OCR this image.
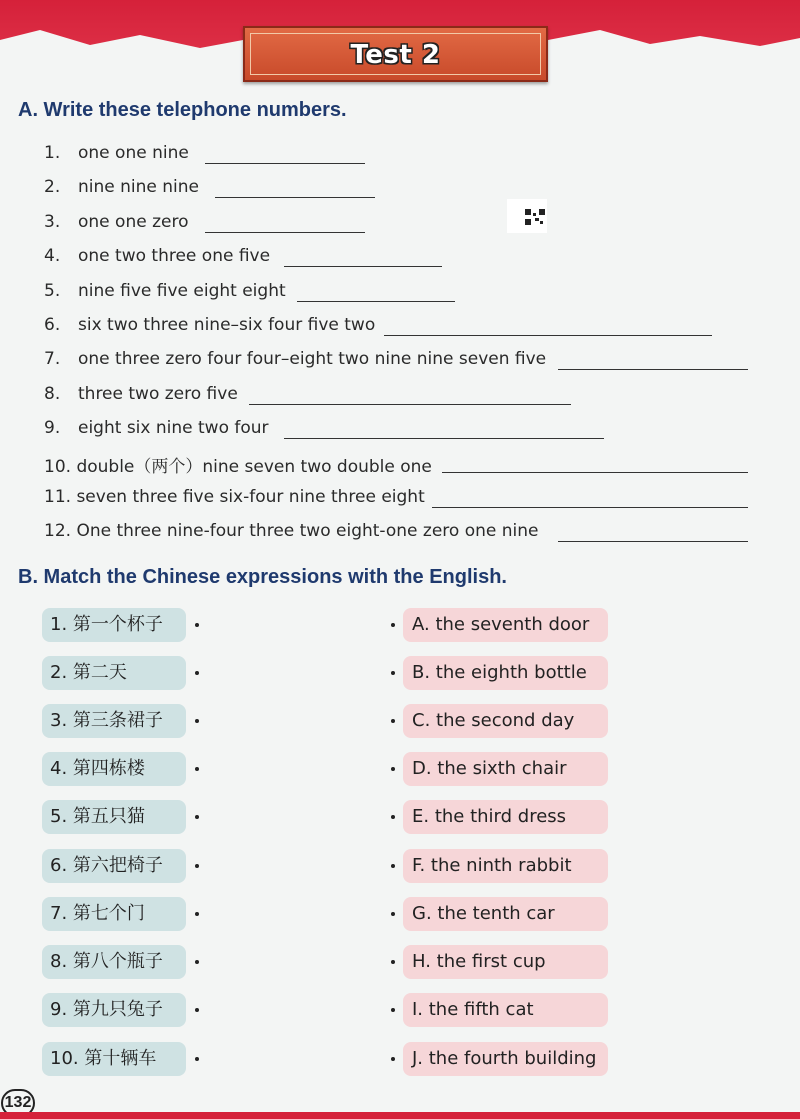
Test 2
A. Write these telephone numbers.
1. one one nine
2. nine nine nine
3. one one zero
4. one two three one five
5. nine five five eight eight
6. six two three nine–six four five two
7. one three zero four four–eight two nine nine seven five
8. three two zero five
9. eight six nine two four
10. double（两个）nine seven two double one
11. seven three five six-four nine three eight
12. One three nine-four three two eight-one zero one nine
B. Match the Chinese expressions with the English.
1. 第一个杯子	A. the seventh door
2. 第二天	B. the eighth bottle
3. 第三条裙子	C. the second day
4. 第四栋楼	D. the sixth chair
5. 第五只猫	E. the third dress
6. 第六把椅子	F. the ninth rabbit
7. 第七个门	G. the tenth car
8. 第八个瓶子	H. the first cup
9. 第九只兔子	I. the fifth cat
10. 第十辆车	J. the fourth building
132
